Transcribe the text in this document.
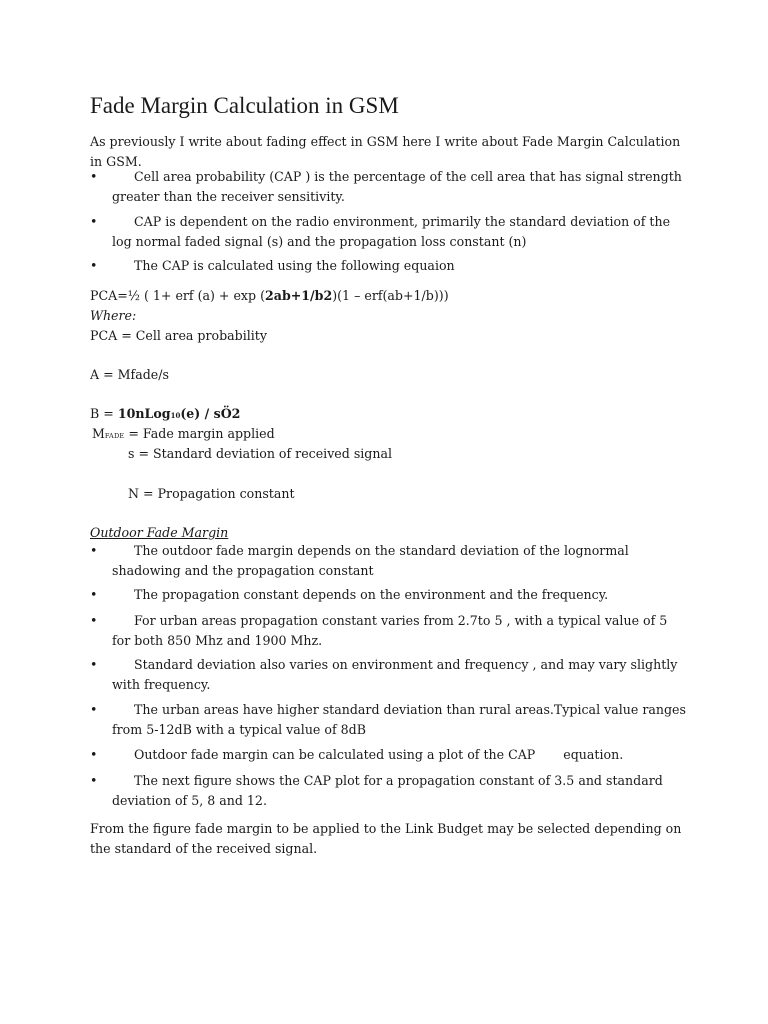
Fade Margin Calculation in GSM

As previously I write about fading effect in GSM here I write about Fade Margin Calculation in GSM.

•	Cell area probability (CAP ) is the percentage of the cell area that has signal strength greater than the receiver sensitivity.
•	CAP is dependent on the radio environment, primarily the standard deviation of the log normal faded signal (s) and the propagation loss constant (n)
•	The CAP is calculated using the following equaion
PCA=½ ( 1+ erf (a) + exp (2ab+1/b2)(1 – erf(ab+1/b)))
Where:
PCA = Cell area probability
A = Mfade/s
B = 10nLog10(e) / sÖ2
MFADE = Fade margin applied
s = Standard deviation of received signal
N = Propagation constant
Outdoor Fade Margin
•	The outdoor fade margin depends on the standard deviation of the lognormal shadowing and the propagation constant
•	The propagation constant depends on the environment and the frequency.
•	For urban areas propagation constant varies from 2.7to 5 , with a typical value of 5 for both 850 Mhz and 1900 Mhz.
•	Standard deviation also varies on environment and frequency , and may vary slightly with frequency.
•	The urban areas have higher standard deviation than rural areas.Typical value ranges from 5-12dB with a typical value of 8dB
•	Outdoor fade margin can be calculated using a plot of the CAP       equation.
•	The next figure shows the CAP plot for a propagation constant of 3.5 and standard deviation of 5, 8 and 12.

From the figure fade margin to be applied to the Link Budget may be selected depending on the standard of the received signal.
